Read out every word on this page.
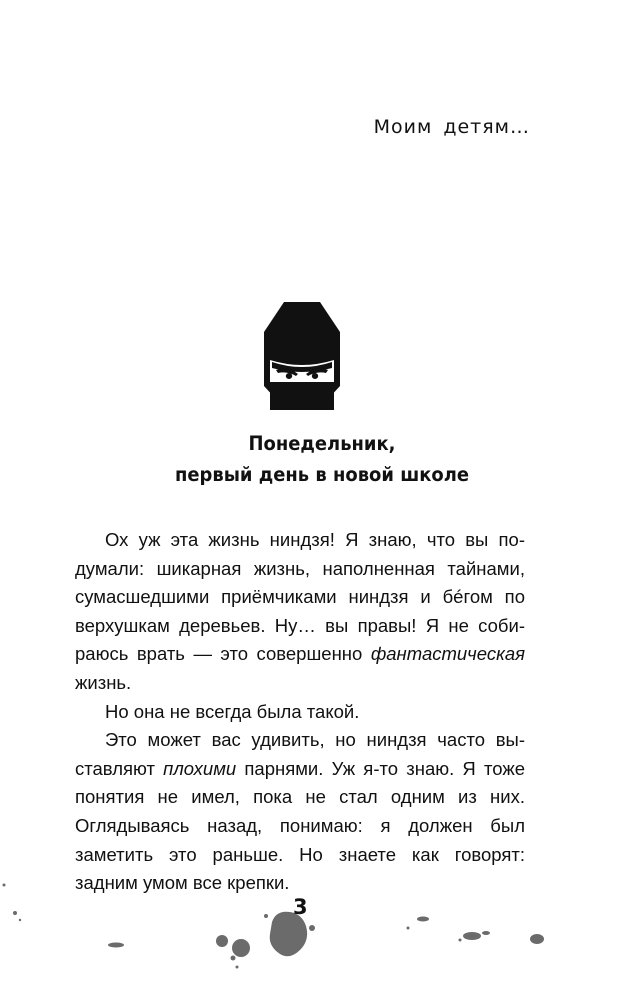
Моим детям…
Понедельник,
первый день в новой школе
Ох уж эта жизнь ниндзя! Я знаю, что вы по-
думали: шикарная жизнь, наполненная тайнами,
сумасшедшими приёмчиками ниндзя и бéгом по
верхушкам деревьев. Ну… вы правы! Я не соби-
раюсь врать — это совершенно фантастическая
жизнь.
Но она не всегда была такой.
Это может вас удивить, но ниндзя часто вы-
ставляют плохими парнями. Уж я-то знаю. Я тоже
понятия не имел, пока не стал одним из них.
Оглядываясь назад, понимаю: я должен был
заметить это раньше. Но знаете как говорят:
задним умом все крепки.
3
